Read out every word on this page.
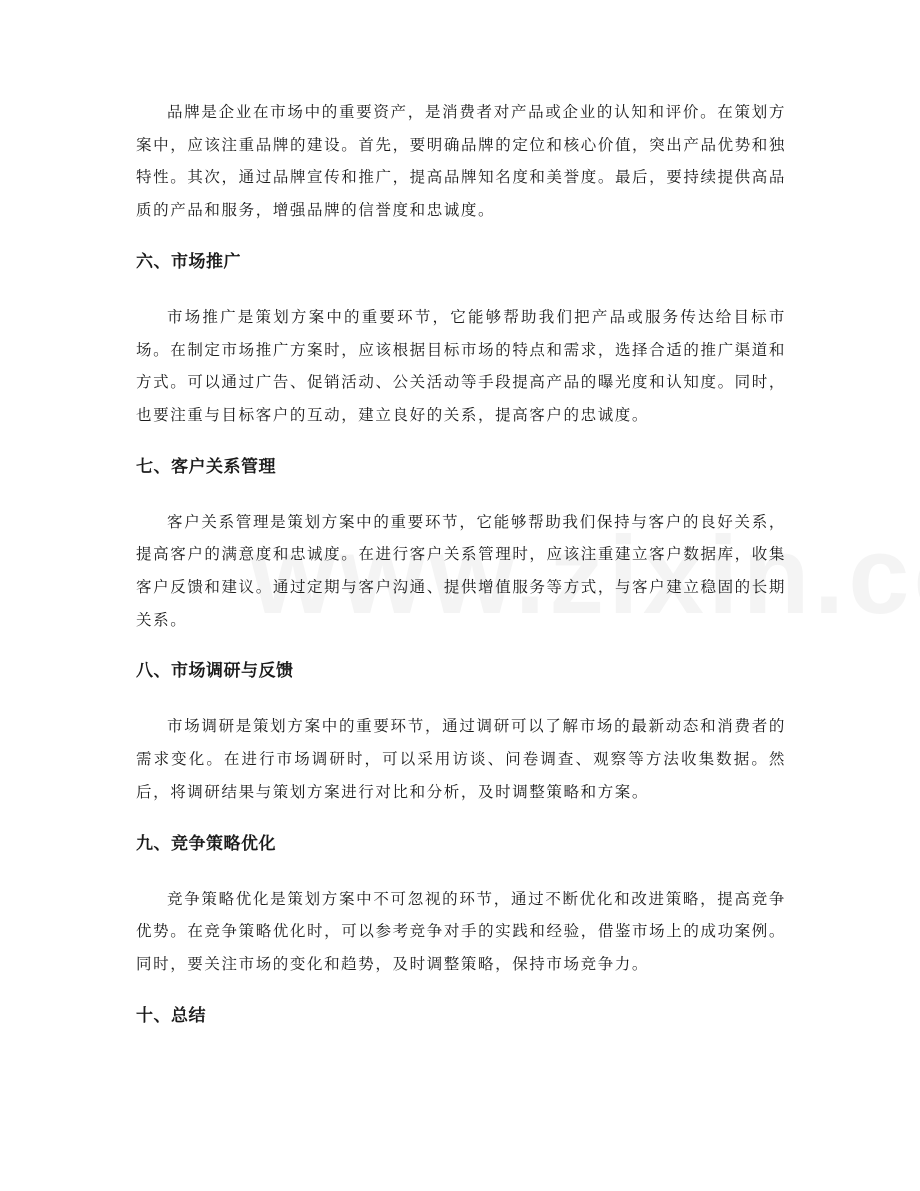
品牌是企业在市场中的重要资产，是消费者对产品或企业的认知和评价。在策划方案中，应该注重品牌的建设。首先，要明确品牌的定位和核心价值，突出产品优势和独特性。其次，通过品牌宣传和推广，提高品牌知名度和美誉度。最后，要持续提供高品质的产品和服务，增强品牌的信誉度和忠诚度。

六、市场推广

市场推广是策划方案中的重要环节，它能够帮助我们把产品或服务传达给目标市场。在制定市场推广方案时，应该根据目标市场的特点和需求，选择合适的推广渠道和方式。可以通过广告、促销活动、公关活动等手段提高产品的曝光度和认知度。同时，也要注重与目标客户的互动，建立良好的关系，提高客户的忠诚度。

七、客户关系管理

客户关系管理是策划方案中的重要环节，它能够帮助我们保持与客户的良好关系，提高客户的满意度和忠诚度。在进行客户关系管理时，应该注重建立客户数据库，收集客户反馈和建议。通过定期与客户沟通、提供增值服务等方式，与客户建立稳固的长期关系。

八、市场调研与反馈

市场调研是策划方案中的重要环节，通过调研可以了解市场的最新动态和消费者的需求变化。在进行市场调研时，可以采用访谈、问卷调查、观察等方法收集数据。然后，将调研结果与策划方案进行对比和分析，及时调整策略和方案。

九、竞争策略优化

竞争策略优化是策划方案中不可忽视的环节，通过不断优化和改进策略，提高竞争优势。在竞争策略优化时，可以参考竞争对手的实践和经验，借鉴市场上的成功案例。同时，要关注市场的变化和趋势，及时调整策略，保持市场竞争力。

十、总结
